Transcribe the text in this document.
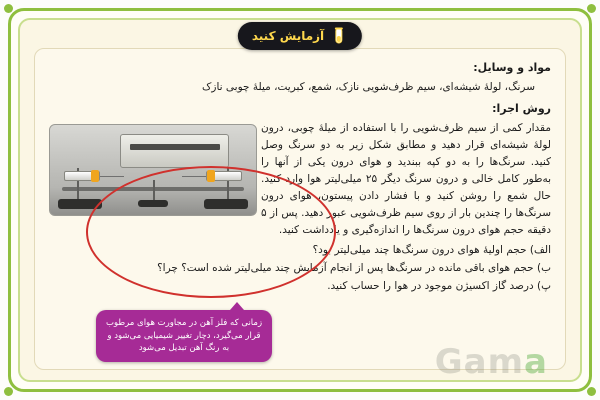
آزمایش کنید

مواد و وسایل:

سرنگ، لولهٔ شیشه‌ای، سیم ظرف‌شویی نازک، شمع، کبریت، میلهٔ چوبی نازک

روش اجرا:

مقدار کمی از سیم ظرف‌شویی را با استفاده از میلهٔ چوبی، درون لولهٔ شیشه‌ای قرار دهید و مطابق شکل زیر به دو سرنگ وصل کنید. سرنگ‌ها را به دو کپه ببندید و هوای درون یکی از آنها را به‌طور کامل خالی و درون سرنگ دیگر ۲۵ میلی‌لیتر هوا وارد کنید. حال شمع را روشن کنید و با فشار دادن پیستون، هوای درون سرنگ‌ها را چندین بار از روی سیم ظرف‌شویی عبور دهید. پس از ۵ دقیقه حجم هوای درون سرنگ‌ها را اندازه‌گیری و یادداشت کنید.

الف) حجم اولیهٔ هوای درون سرنگ‌ها چند میلی‌لیتر بود؟
ب) حجم هوای باقی مانده در سرنگ‌ها پس از انجام آزمایش چند میلی‌لیتر شده است؟ چرا؟
پ) درصد گاز اکسیژن موجود در هوا را حساب کنید.
زمانی که فلز آهن در مجاورت هوای مرطوب قرار می‌گیرد، دچار تغییر شیمیایی می‌شود و به رنگ آهن تبدیل می‌شود	Gama
